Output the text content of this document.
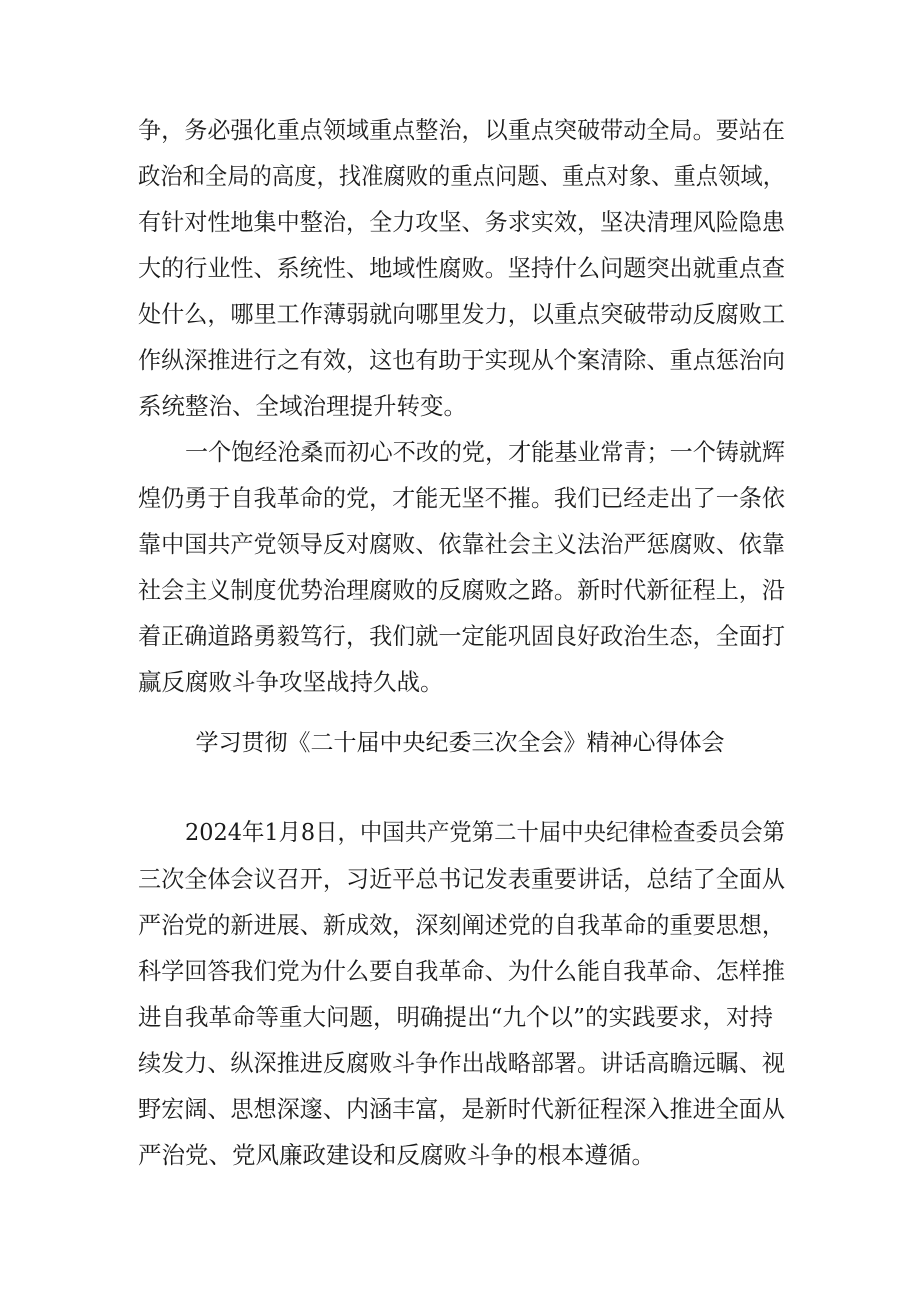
争，务必强化重点领域重点整治，以重点突破带动全局。要站在
政治和全局的高度，找准腐败的重点问题、重点对象、重点领域，
有针对性地集中整治，全力攻坚、务求实效，坚决清理风险隐患
大的行业性、系统性、地域性腐败。坚持什么问题突出就重点查
处什么，哪里工作薄弱就向哪里发力，以重点突破带动反腐败工
作纵深推进行之有效，这也有助于实现从个案清除、重点惩治向
系统整治、全域治理提升转变。
一个饱经沧桑而初心不改的党，才能基业常青；一个铸就辉
煌仍勇于自我革命的党，才能无坚不摧。我们已经走出了一条依
靠中国共产党领导反对腐败、依靠社会主义法治严惩腐败、依靠
社会主义制度优势治理腐败的反腐败之路。新时代新征程上，沿
着正确道路勇毅笃行，我们就一定能巩固良好政治生态，全面打
赢反腐败斗争攻坚战持久战。
学习贯彻《二十届中央纪委三次全会》精神心得体会
2024年1月8日，中国共产党第二十届中央纪律检查委员会第
三次全体会议召开，习近平总书记发表重要讲话，总结了全面从
严治党的新进展、新成效，深刻阐述党的自我革命的重要思想，
科学回答我们党为什么要自我革命、为什么能自我革命、怎样推
进自我革命等重大问题，明确提出“九个以”的实践要求，对持
续发力、纵深推进反腐败斗争作出战略部署。讲话高瞻远瞩、视
野宏阔、思想深邃、内涵丰富，是新时代新征程深入推进全面从
严治党、党风廉政建设和反腐败斗争的根本遵循。
